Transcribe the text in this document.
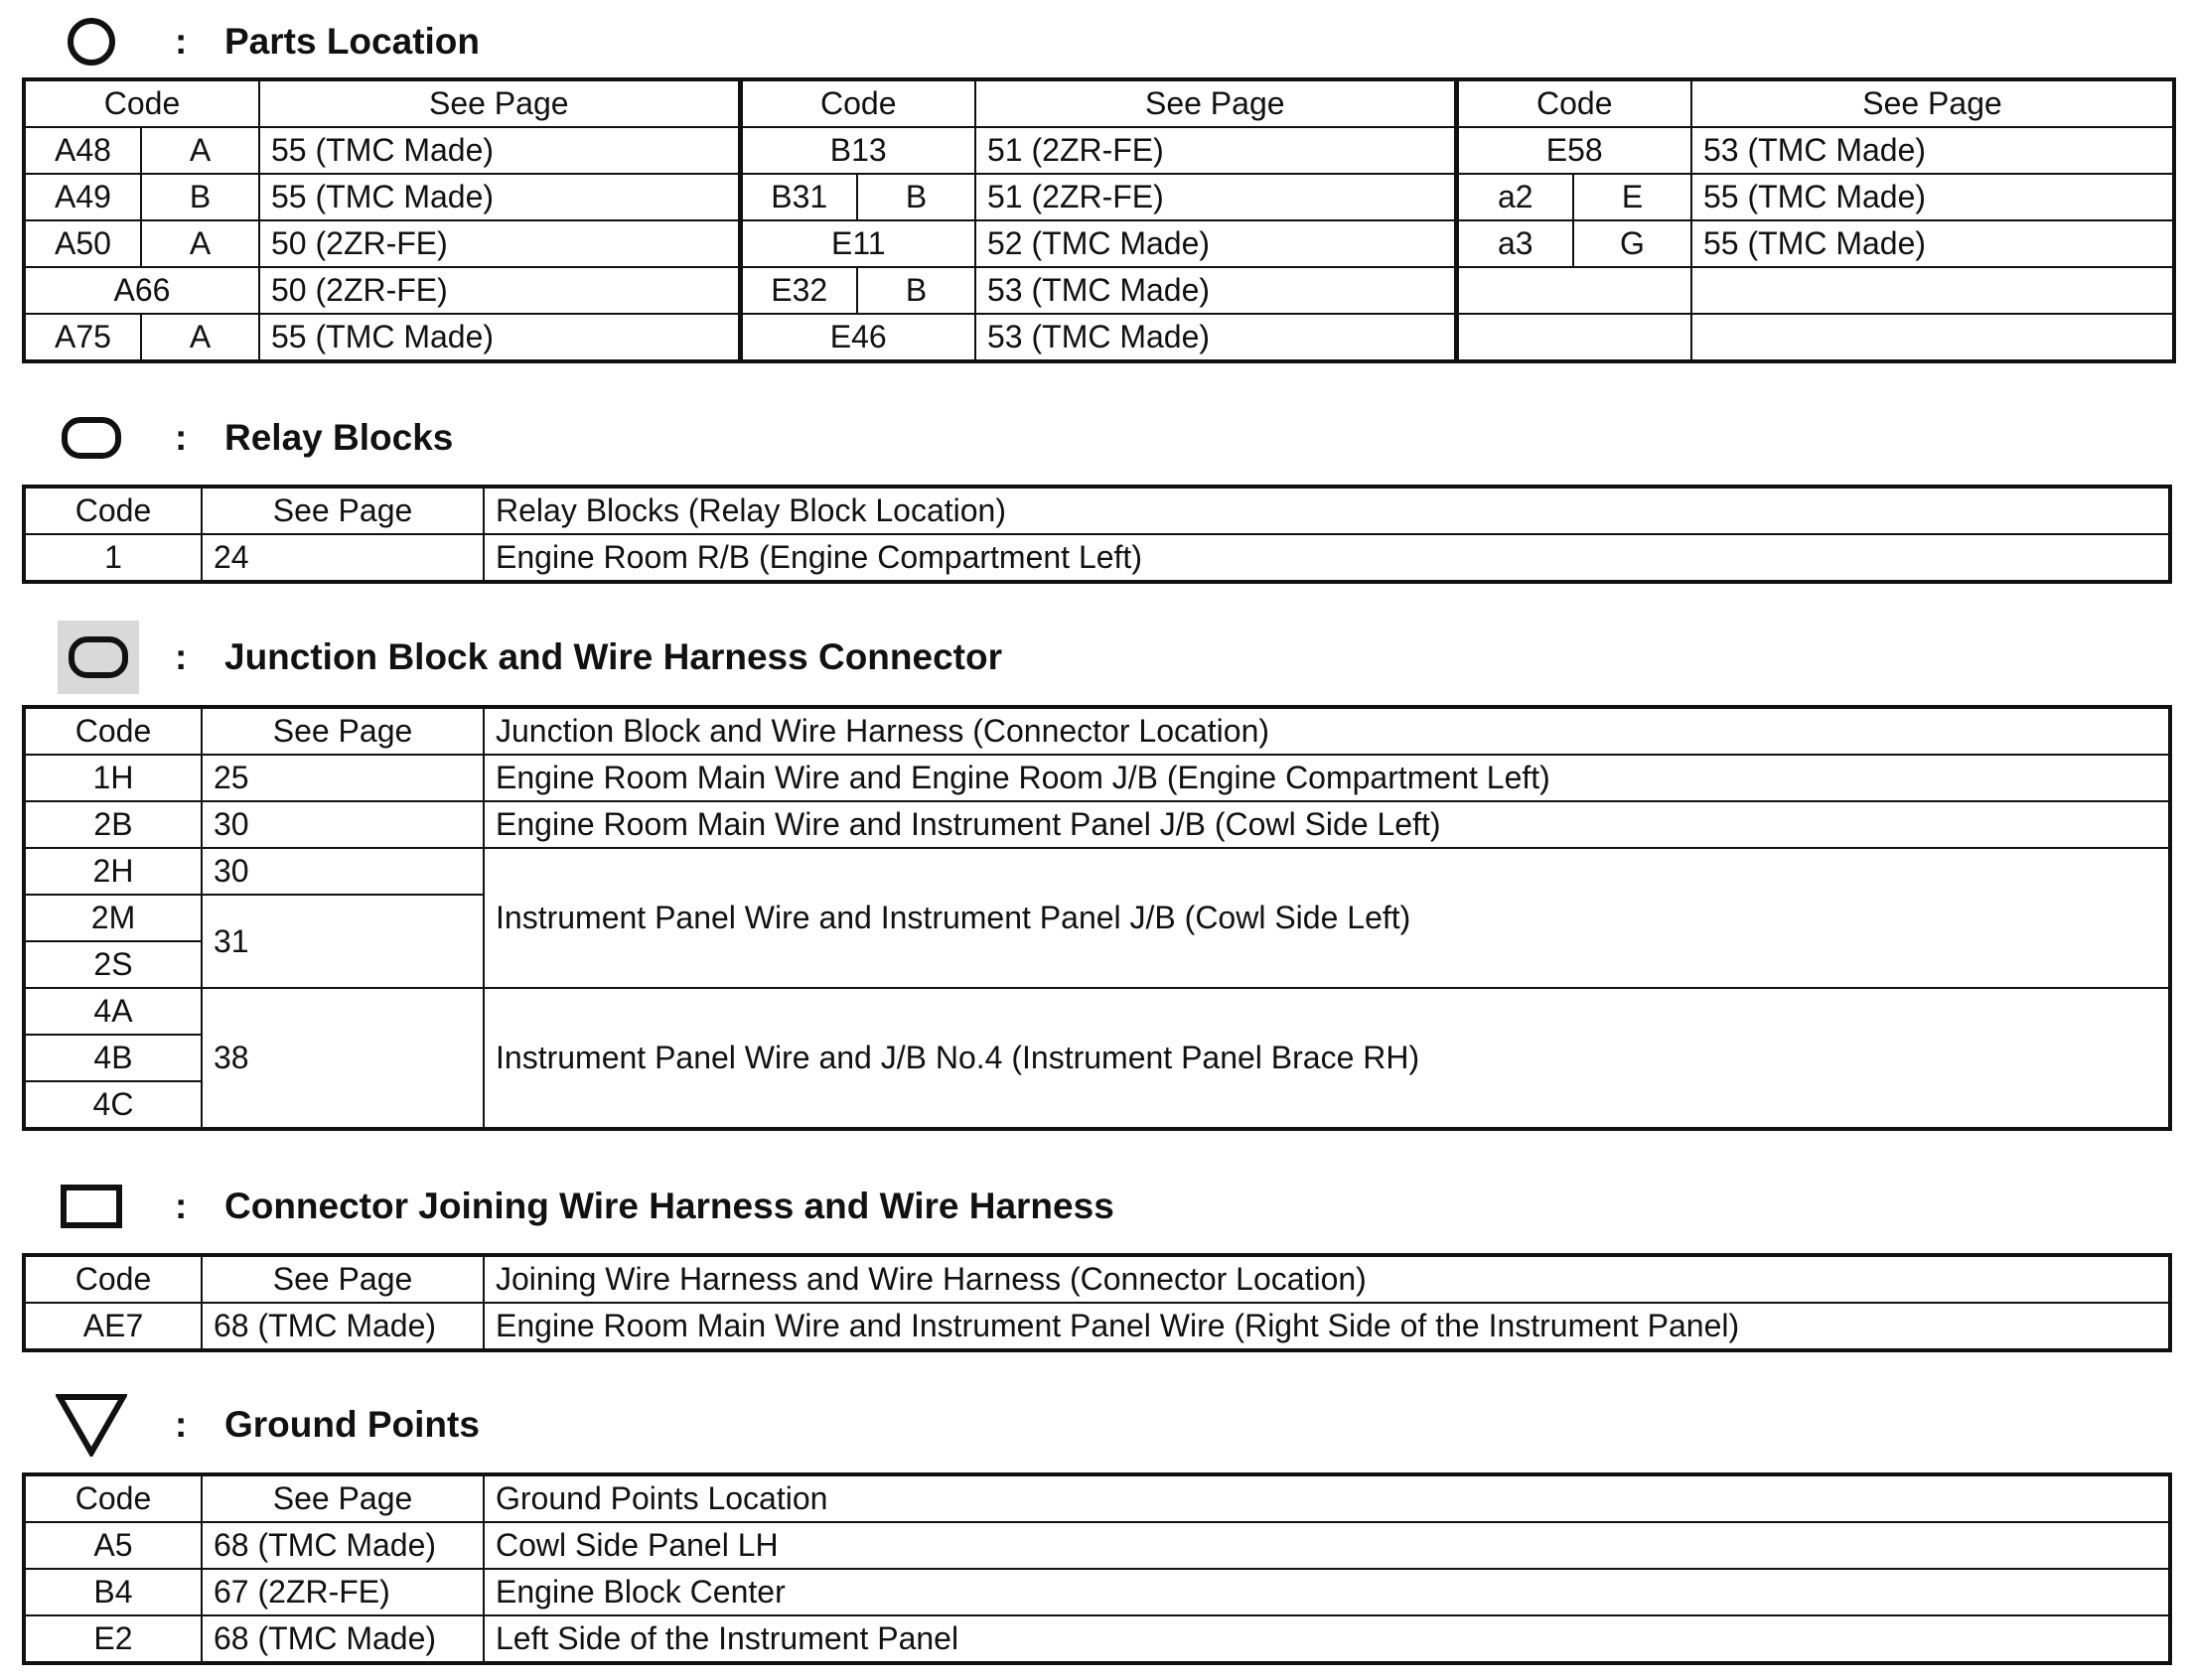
: Parts Location
Code		See Page	Code		See Page	Code		See Page
A48	A	55 (TMC Made)	B13		51 (2ZR-FE)	E58		53 (TMC Made)
A49	B	55 (TMC Made)	B31	B	51 (2ZR-FE)	a2	E	55 (TMC Made)
A50	A	50 (2ZR-FE)	E11		52 (TMC Made)	a3	G	55 (TMC Made)
A66		50 (2ZR-FE)	E32	B	53 (TMC Made)			
A75	A	55 (TMC Made)	E46		53 (TMC Made)			
: Relay Blocks
Code	See Page	Relay Blocks (Relay Block Location)
1	24	Engine Room R/B (Engine Compartment Left)
: Junction Block and Wire Harness Connector
Code	See Page	Junction Block and Wire Harness (Connector Location)
1H	25	Engine Room Main Wire and Engine Room J/B (Engine Compartment Left)
2B	30	Engine Room Main Wire and Instrument Panel J/B (Cowl Side Left)
2H	30	Instrument Panel Wire and Instrument Panel J/B (Cowl Side Left)
2M	31	
2S		
4A	38	Instrument Panel Wire and J/B No.4 (Instrument Panel Brace RH)
4B		
4C		
: Connector Joining Wire Harness and Wire Harness
Code	See Page	Joining Wire Harness and Wire Harness (Connector Location)
AE7	68 (TMC Made)	Engine Room Main Wire and Instrument Panel Wire (Right Side of the Instrument Panel)
: Ground Points
Code	See Page	Ground Points Location
A5	68 (TMC Made)	Cowl Side Panel LH
B4	67 (2ZR-FE)	Engine Block Center
E2	68 (TMC Made)	Left Side of the Instrument Panel
